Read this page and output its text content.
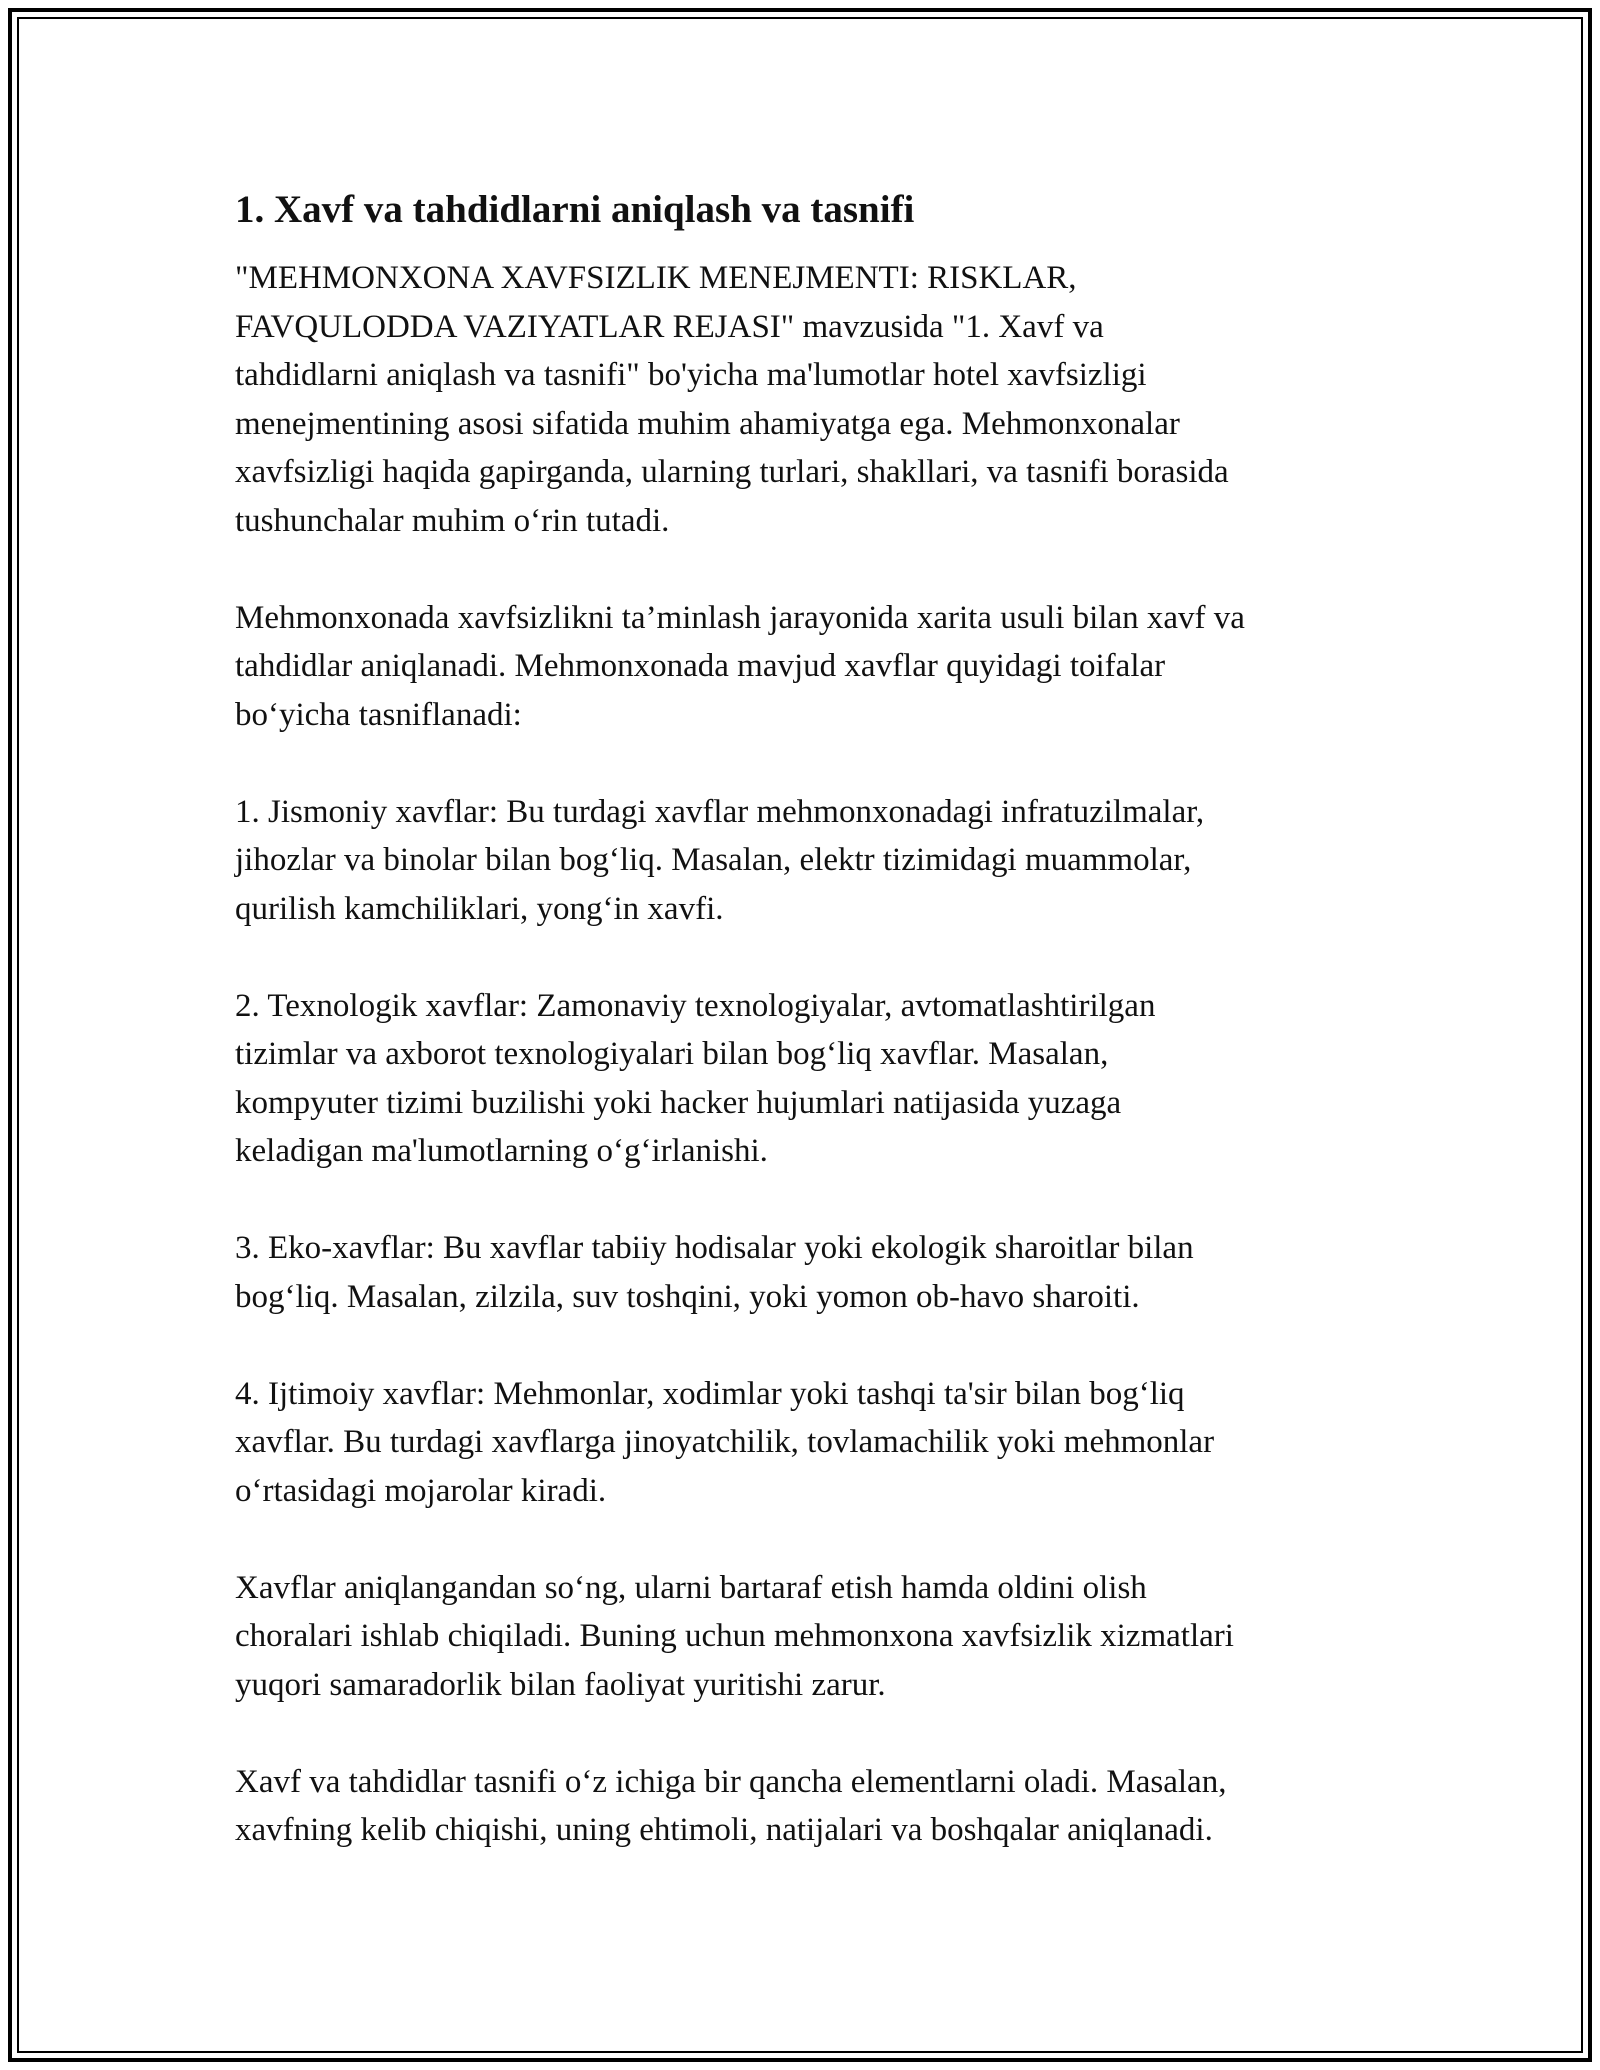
1. Xavf va tahdidlarni aniqlash va tasnifi

"MEHMONXONA XAVFSIZLIK MENEJMENTI: RISKLAR,
FAVQULODDA VAZIYATLAR REJASI" mavzusida "1. Xavf va
tahdidlarni aniqlash va tasnifi" bo'yicha ma'lumotlar hotel xavfsizligi
menejmentining asosi sifatida muhim ahamiyatga ega. Mehmonxonalar
xavfsizligi haqida gapirganda, ularning turlari, shakllari, va tasnifi borasida
tushunchalar muhim oʻrin tutadi.

Mehmonxonada xavfsizlikni ta’minlash jarayonida xarita usuli bilan xavf va
tahdidlar aniqlanadi. Mehmonxonada mavjud xavflar quyidagi toifalar
boʻyicha tasniflanadi:

1. Jismoniy xavflar: Bu turdagi xavflar mehmonxonadagi infratuzilmalar,
jihozlar va binolar bilan bogʻliq. Masalan, elektr tizimidagi muammolar,
qurilish kamchiliklari, yongʻin xavfi.

2. Texnologik xavflar: Zamonaviy texnologiyalar, avtomatlashtirilgan
tizimlar va axborot texnologiyalari bilan bogʻliq xavflar. Masalan,
kompyuter tizimi buzilishi yoki hacker hujumlari natijasida yuzaga
keladigan ma'lumotlarning oʻgʻirlanishi.

3. Eko-xavflar: Bu xavflar tabiiy hodisalar yoki ekologik sharoitlar bilan
bogʻliq. Masalan, zilzila, suv toshqini, yoki yomon ob-havo sharoiti.

4. Ijtimoiy xavflar: Mehmonlar, xodimlar yoki tashqi ta'sir bilan bogʻliq
xavflar. Bu turdagi xavflarga jinoyatchilik, tovlamachilik yoki mehmonlar
oʻrtasidagi mojarolar kiradi.

Xavflar aniqlangandan soʻng, ularni bartaraf etish hamda oldini olish
choralari ishlab chiqiladi. Buning uchun mehmonxona xavfsizlik xizmatlari
yuqori samaradorlik bilan faoliyat yuritishi zarur.

Xavf va tahdidlar tasnifi oʻz ichiga bir qancha elementlarni oladi. Masalan,
xavfning kelib chiqishi, uning ehtimoli, natijalari va boshqalar aniqlanadi.
